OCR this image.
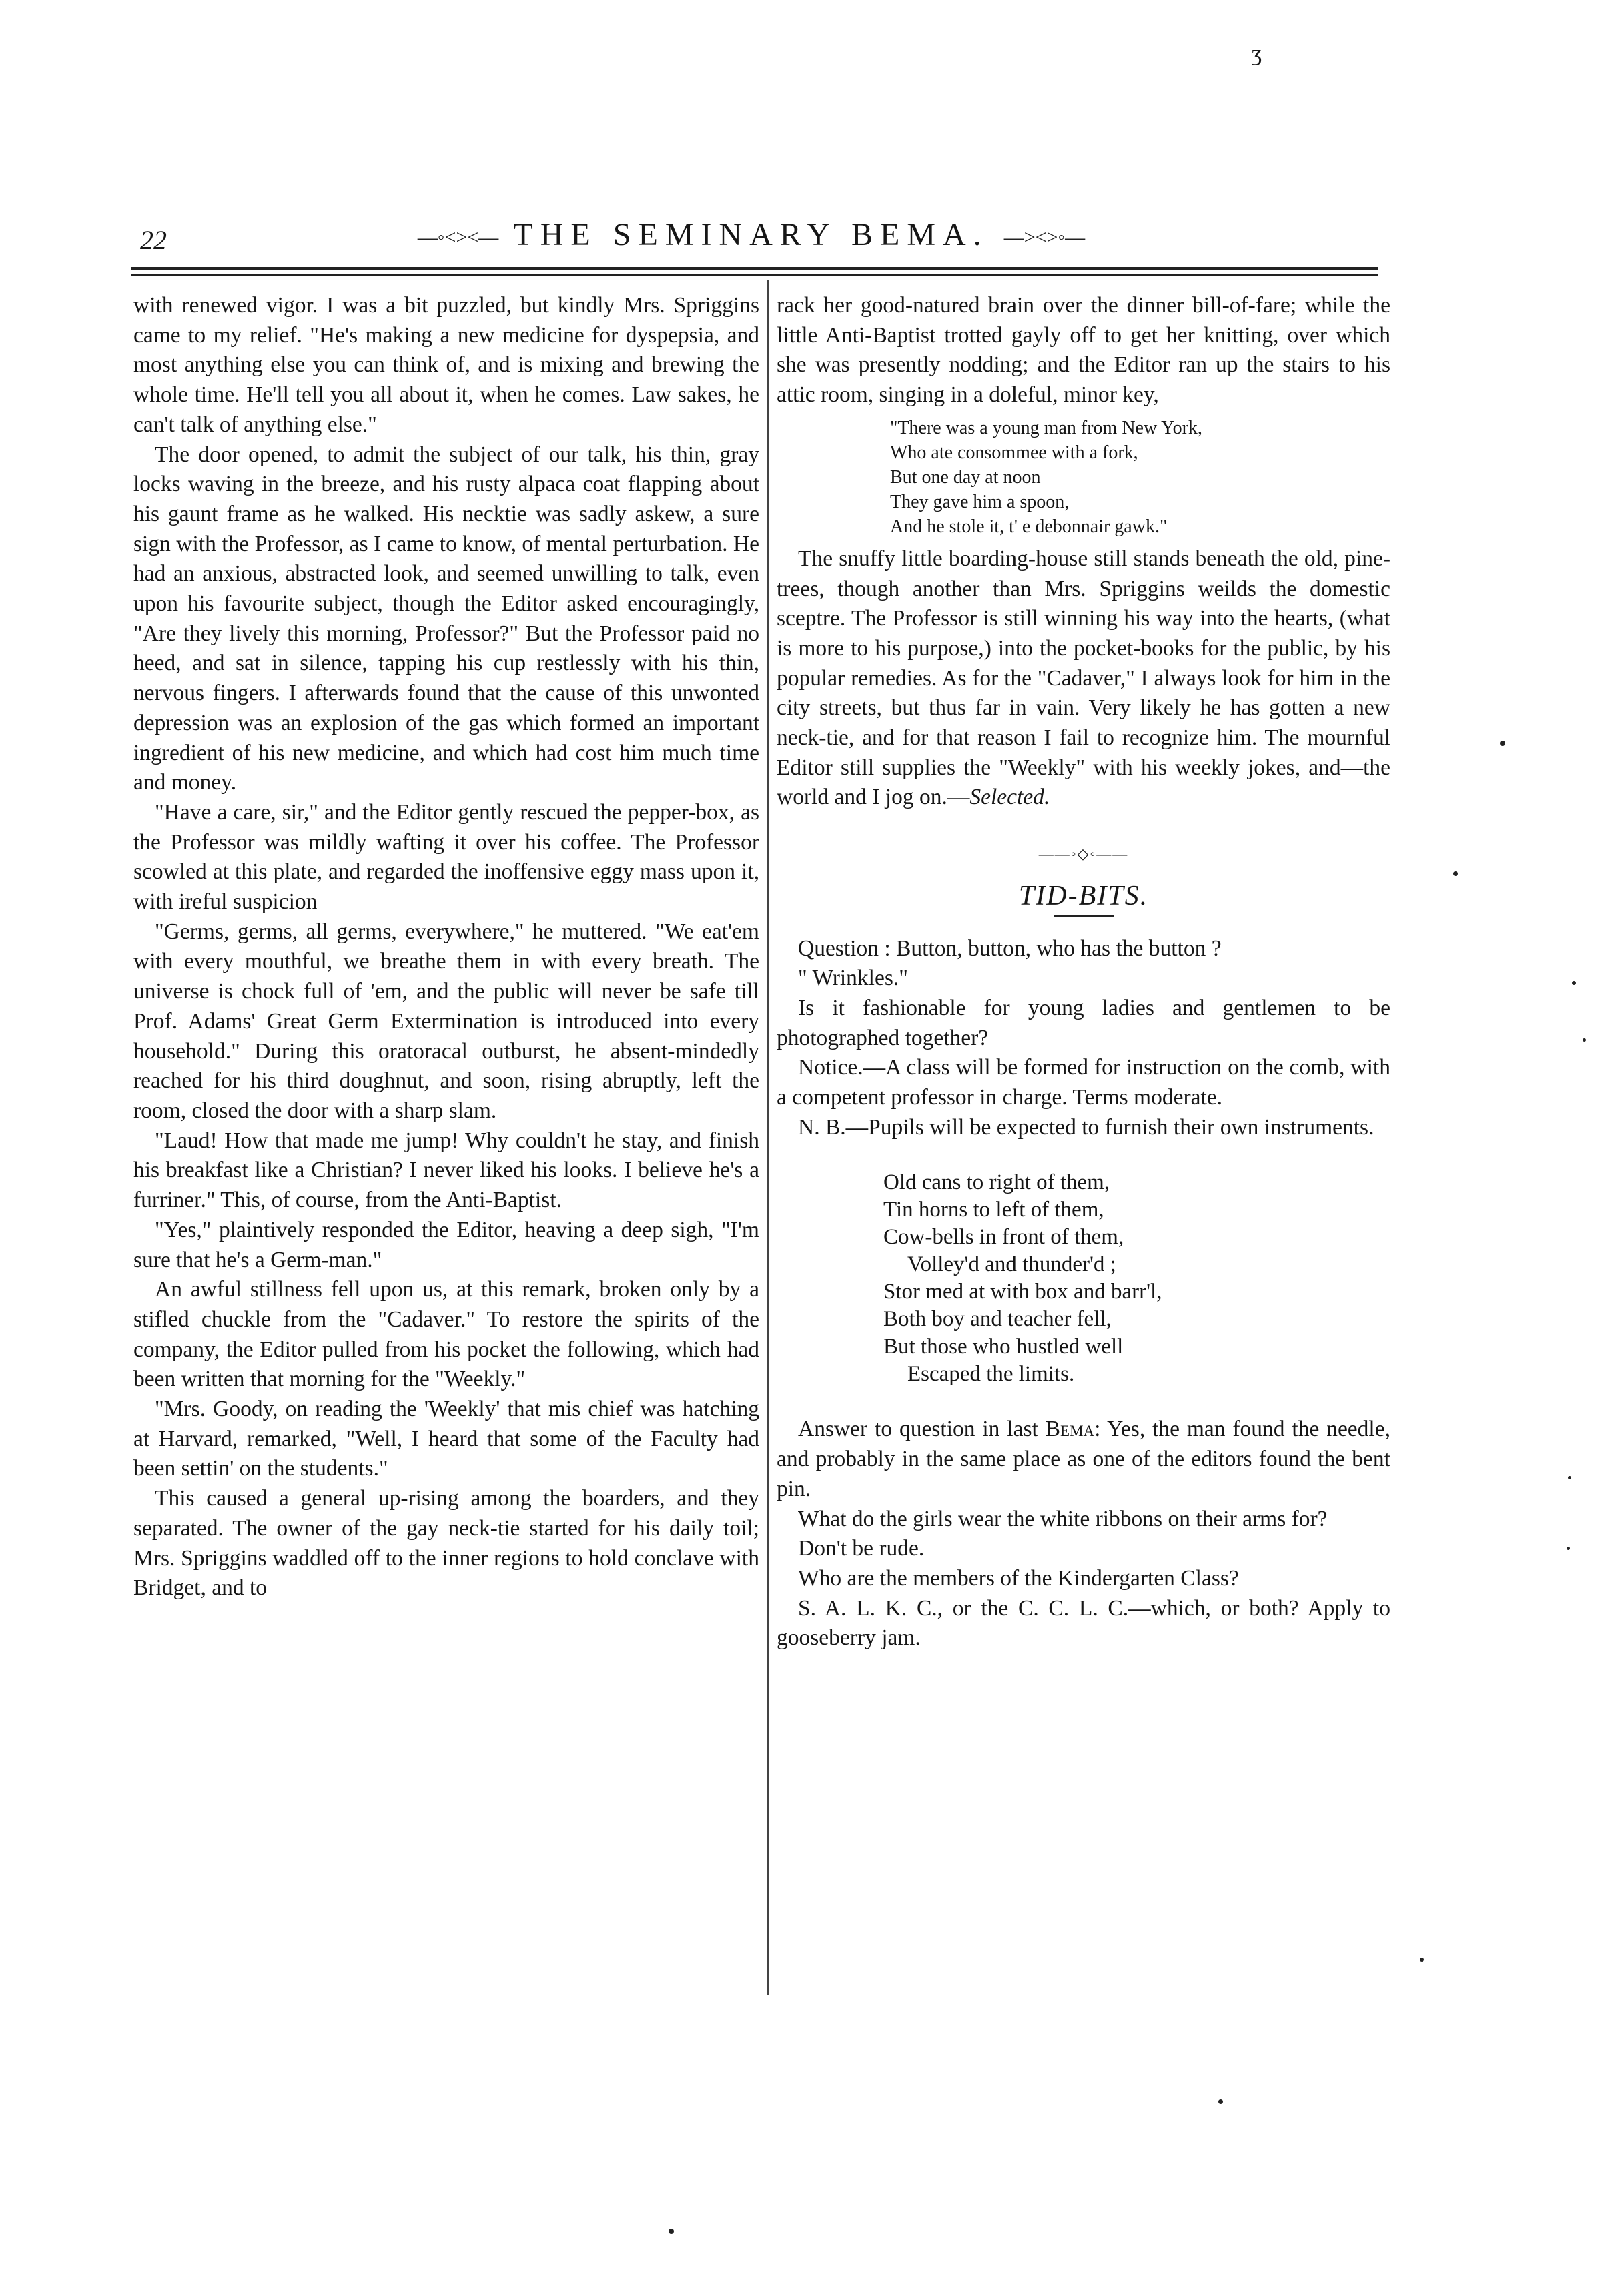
ʒ
22	—◦<><— THE SEMINARY BEMA. —><>◦—

with renewed vigor. I was a bit puzzled, but kindly Mrs. Spriggins came to my relief. "He's making a new medicine for dyspepsia, and most anything else you can think of, and is mixing and brewing the whole time. He'll tell you all about it, when he comes. Law sakes, he can't talk of anything else."

The door opened, to admit the subject of our talk, his thin, gray locks waving in the breeze, and his rusty alpaca coat flapping about his gaunt frame as he walked. His necktie was sadly askew, a sure sign with the Professor, as I came to know, of mental perturbation. He had an anxious, abstracted look, and seemed unwilling to talk, even upon his favourite subject, though the Editor asked encouragingly, "Are they lively this morning, Professor?" But the Professor paid no heed, and sat in silence, tapping his cup restlessly with his thin, nervous fingers. I afterwards found that the cause of this unwonted depression was an explosion of the gas which formed an important ingredient of his new medicine, and which had cost him much time and money.

"Have a care, sir," and the Editor gently rescued the pepper-box, as the Professor was mildly wafting it over his coffee. The Professor scowled at this plate, and regarded the inoffensive eggy mass upon it, with ireful suspicion

"Germs, germs, all germs, everywhere," he muttered. "We eat'em with every mouthful, we breathe them in with every breath. The universe is chock full of 'em, and the public will never be safe till Prof. Adams' Great Germ Extermination is introduced into every household." During this oratoracal outburst, he absent-mindedly reached for his third doughnut, and soon, rising abruptly, left the room, closed the door with a sharp slam.

"Laud! How that made me jump! Why couldn't he stay, and finish his breakfast like a Christian? I never liked his looks. I believe he's a furriner." This, of course, from the Anti-Baptist.

"Yes," plaintively responded the Editor, heaving a deep sigh, "I'm sure that he's a Germ-man."

An awful stillness fell upon us, at this remark, broken only by a stifled chuckle from the "Cadaver." To restore the spirits of the company, the Editor pulled from his pocket the following, which had been written that morning for the "Weekly."

"Mrs. Goody, on reading the 'Weekly' that mis chief was hatching at Harvard, remarked, "Well, I heard that some of the Faculty had been settin' on the students."

This caused a general up-rising among the boarders, and they separated. The owner of the gay neck-tie started for his daily toil; Mrs. Spriggins waddled off to the inner regions to hold conclave with Bridget, and to

rack her good-natured brain over the dinner bill-of-fare; while the little Anti-Baptist trotted gayly off to get her knitting, over which she was presently nodding; and the Editor ran up the stairs to his attic room, singing in a doleful, minor key,

"There was a young man from New York,
Who ate consommee with a fork,
But one day at noon
They gave him a spoon,
And he stole it, t' e debonnair gawk."

The snuffy little boarding-house still stands beneath the old, pine-trees, though another than Mrs. Spriggins weilds the domestic sceptre. The Professor is still winning his way into the hearts, (what is more to his purpose,) into the pocket-books for the public, by his popular remedies. As for the "Cadaver," I always look for him in the city streets, but thus far in vain. Very likely he has gotten a new neck-tie, and for that reason I fail to recognize him. The mournful Editor still supplies the "Weekly" with his weekly jokes, and—the world and I jog on.—Selected.

——◦◇◦——
TID-BITS.

Question : Button, button, who has the button ?

" Wrinkles."

Is it fashionable for young ladies and gentlemen to be photographed together?

Notice.—A class will be formed for instruction on the comb, with a competent professor in charge. Terms moderate.

N. B.—Pupils will be expected to furnish their own instruments.

Old cans to right of them,
Tin horns to left of them,
Cow-bells in front of them,
Volley'd and thunder'd ;
Stor med at with box and barr'l,
Both boy and teacher fell,
But those who hustled well
Escaped the limits.

Answer to question in last Bema: Yes, the man found the needle, and probably in the same place as one of the editors found the bent pin.

What do the girls wear the white ribbons on their arms for?

Don't be rude.

Who are the members of the Kindergarten Class?

S. A. L. K. C., or the C. C. L. C.—which, or both? Apply to gooseberry jam.
